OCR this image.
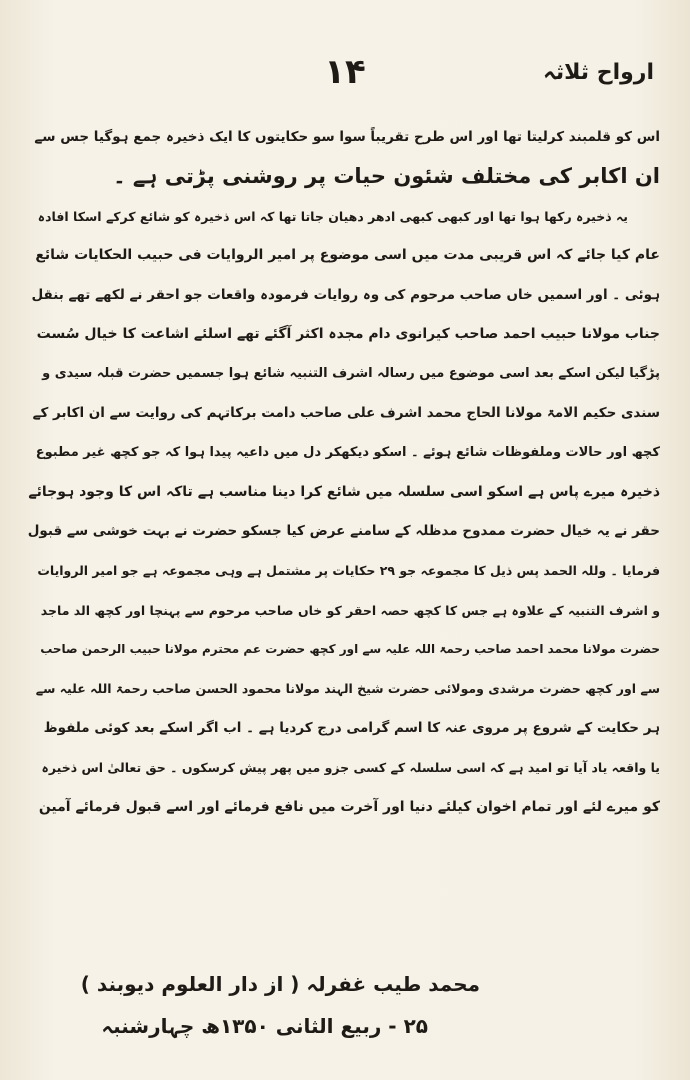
ارواح ثلاثہ
۱۴
اس کو قلمبند کرلیتا تھا اور اس طرح تقریباً سوا سو حکایتوں کا ایک ذخیرہ جمع ہوگیا جس سے
ان اکابر کی مختلف شئون حیات پر روشنی پڑتی ہے ۔
یہ ذخیرہ رکھا ہوا تھا اور کبھی کبھی ادھر دھیان جاتا تھا کہ اس ذخیرہ کو شائع کرکے اسکا افادہ
عام کیا جائے کہ اس قریبی مدت میں اسی موضوع پر امیر الروایات فی حبیب الحکایات شائع
ہوئی ۔ اور اسمیں خاں صاحب مرحوم کی وہ روایات فرمودہ واقعات جو احقر نے لکھے تھے بنقل
جناب مولانا حبیب احمد صاحب کیرانوی دام مجدہ اکثر آگئے تھے اسلئے اشاعت کا خیال سُست
پڑگیا لیکن اسکے بعد اسی موضوع میں رسالہ اشرف التنبیہ شائع ہوا جسمیں حضرت قبلہ سیدی و
سندی حکیم الامۃ مولانا الحاج محمد اشرف علی صاحب دامت برکاتہم کی روایت سے ان اکابر کے
کچھ اور حالات وملفوظات شائع ہوئے ۔ اسکو دیکھکر دل میں داعیہ پیدا ہوا کہ جو کچھ غیر مطبوع
ذخیرہ میرے پاس ہے اسکو اسی سلسلہ میں شائع کرا دینا مناسب ہے تاکہ اس کا وجود ہوجائے
حقر نے یہ خیال حضرت ممدوح مدظلہ کے سامنے عرض کیا جسکو حضرت نے بہت خوشی سے قبول
فرمایا ۔ وللہ الحمد پس ذیل کا مجموعہ جو ۲۹ حکایات پر مشتمل ہے وہی مجموعہ ہے جو امیر الروایات
و اشرف التنبیہ کے علاوہ ہے جس کا کچھ حصہ احقر کو خاں صاحب مرحوم سے پہنچا اور کچھ الد ماجد
حضرت مولانا محمد احمد صاحب رحمۃ اللہ علیہ سے اور کچھ حضرت عم محترم مولانا حبیب الرحمن صاحب
سے اور کچھ حضرت مرشدی ومولائی حضرت شیخ الہند مولانا محمود الحسن صاحب رحمۃ اللہ علیہ سے
ہر حکایت کے شروع پر مروی عنہ کا اسم گرامی درج کردیا ہے ۔ اب اگر اسکے بعد کوئی ملفوظ
یا واقعہ یاد آیا تو امید ہے کہ اسی سلسلہ کے کسی جزو میں پھر پیش کرسکوں ۔ حق تعالیٰ اس ذخیرہ
کو میرے لئے اور تمام اخوان کیلئے دنیا اور آخرت میں نافع فرمائے اور اسے قبول فرمائے آمین
محمد طیب غفرلہ ( از دار العلوم دیوبند )
۲۵ - ربیع الثانی ۱۳۵۰ھ چہارشنبہ
